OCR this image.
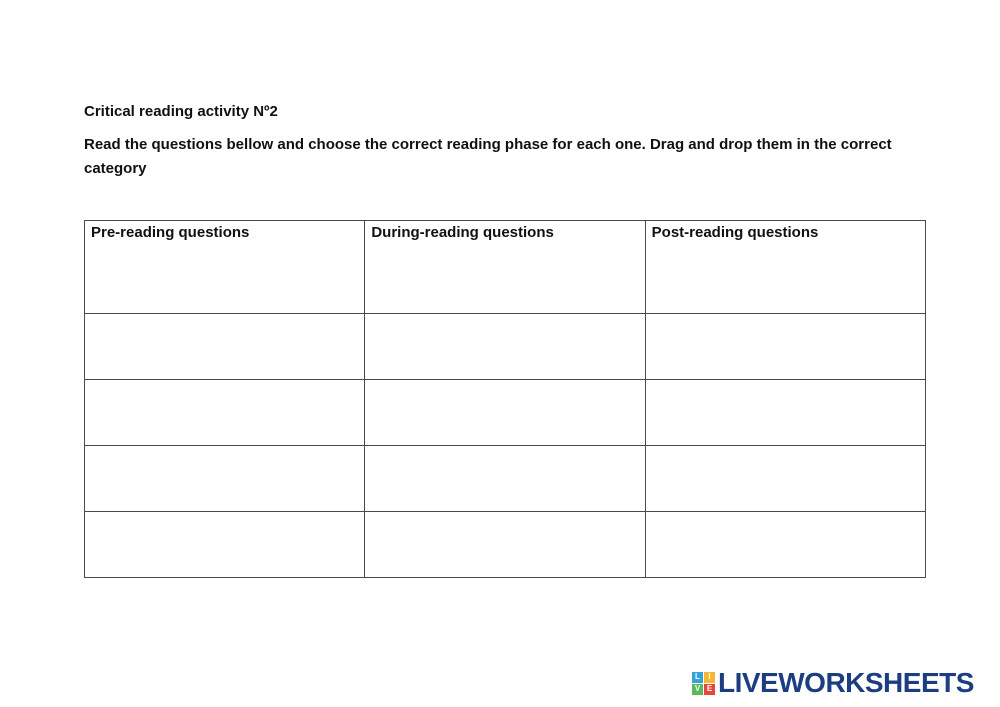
Critical reading activity Nº2

Read the questions bellow and choose the correct reading phase for each one. Drag and drop them in the correct category

Pre-reading questions	During-reading questions	Post-reading questions

L	I
V E LIVEWORKSHEETS
